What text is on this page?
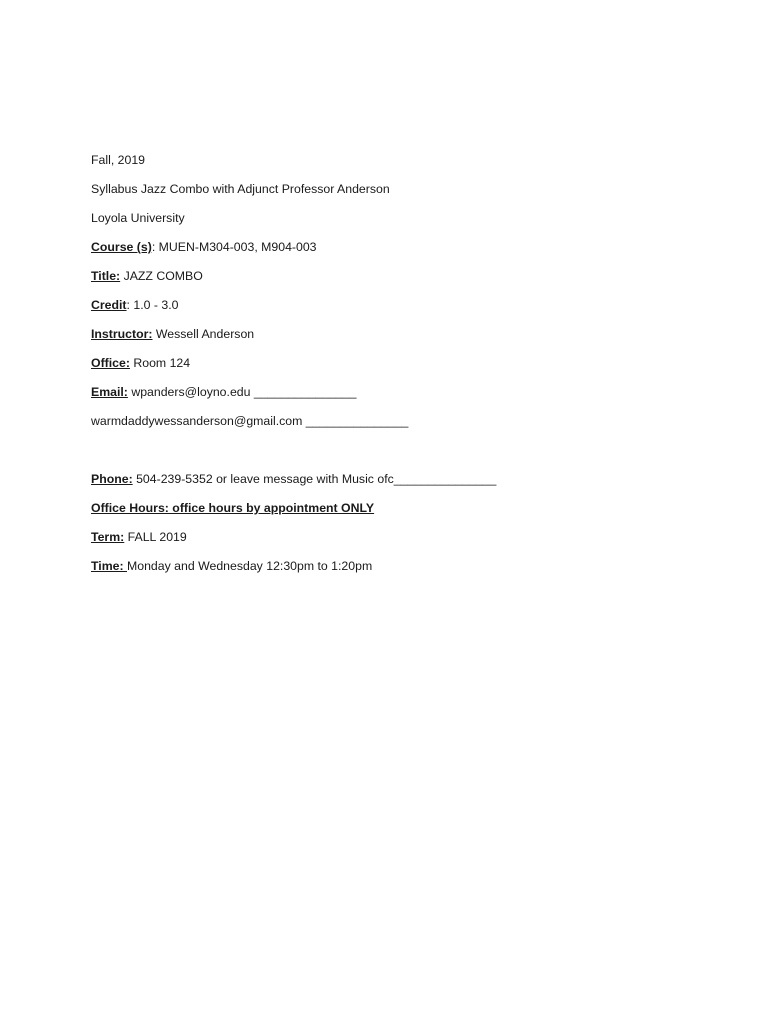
Fall, 2019
Syllabus Jazz Combo with Adjunct Professor Anderson
Loyola University
Course (s): MUEN-M304-003, M904-003
Title: JAZZ COMBO
Credit: 1.0 - 3.0
Instructor: Wessell Anderson
Office: Room 124
Email: wpanders@loyno.edu _______________
warmdaddywessanderson@gmail.com _______________
Phone: 504-239-5352 or leave message with Music ofc_______________
Office Hours: office hours by appointment ONLY
Term: FALL 2019
Time: Monday and Wednesday 12:30pm to 1:20pm
